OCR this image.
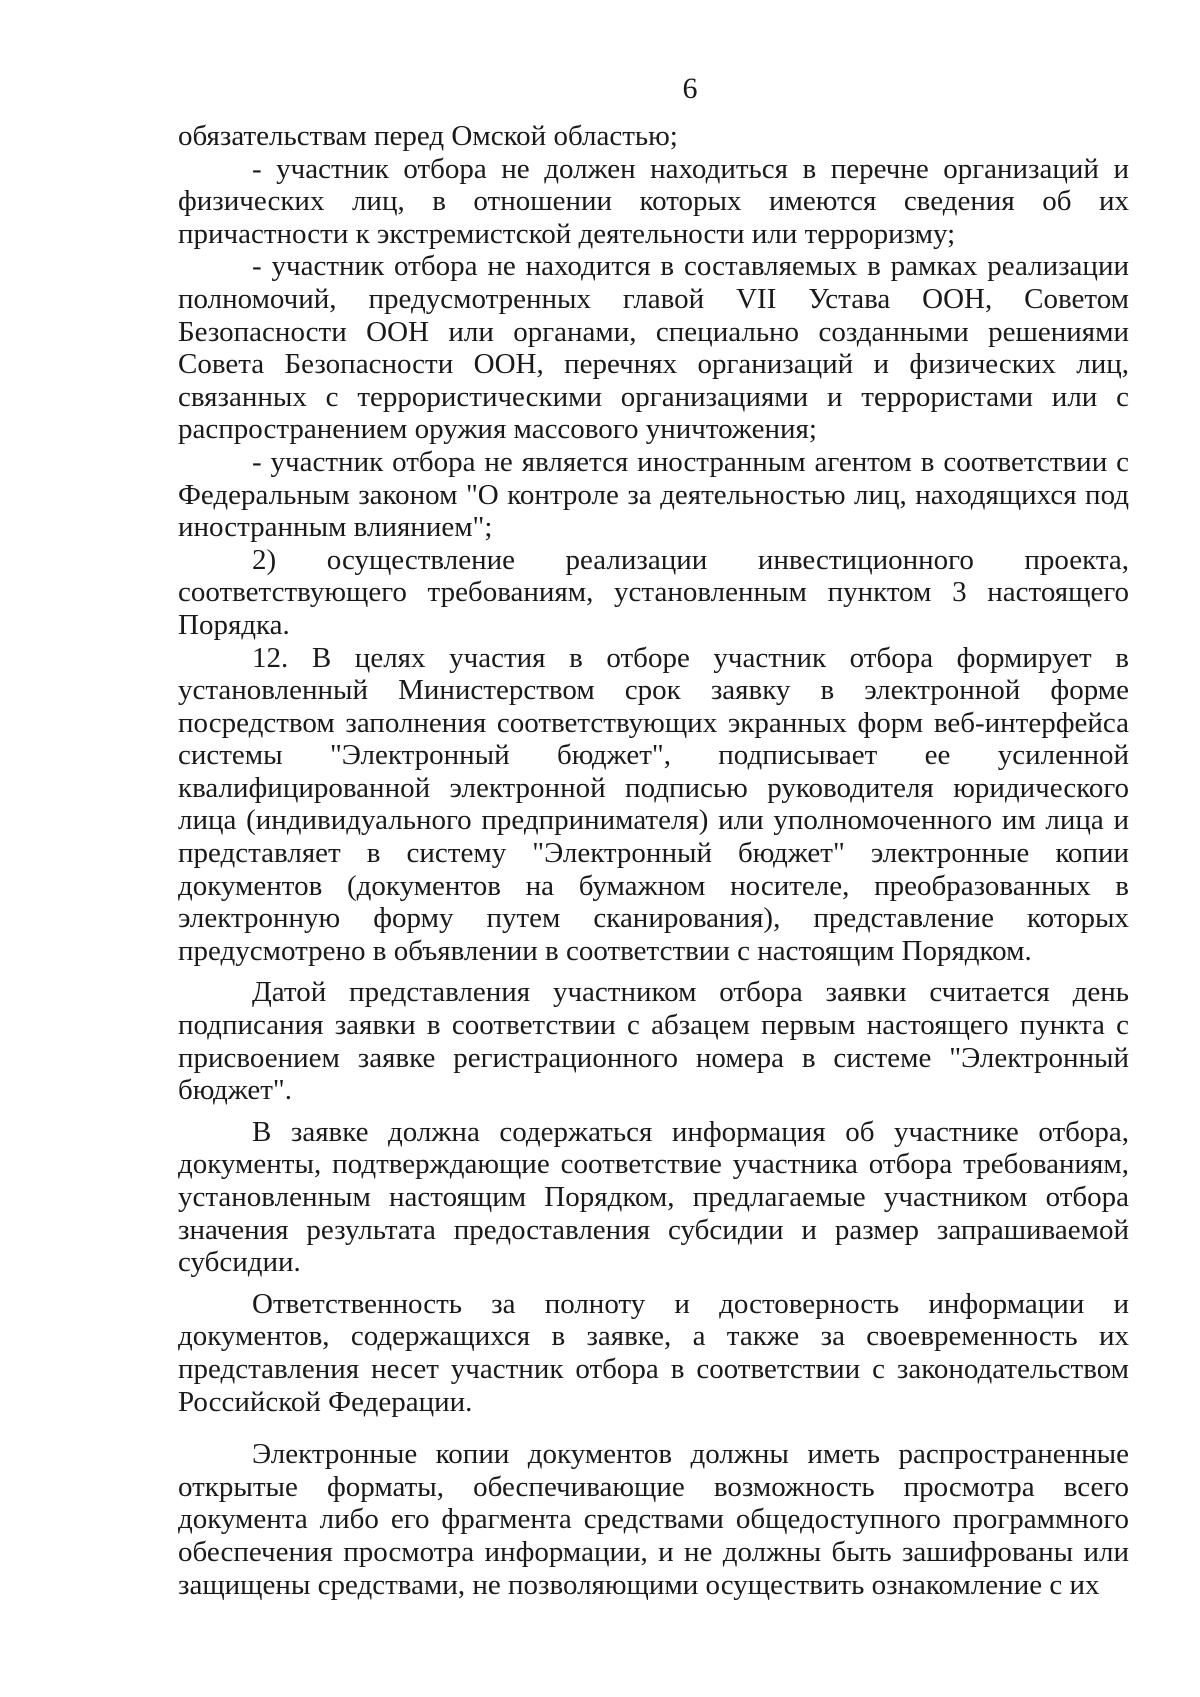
6

обязательствам перед Омской областью;

- участник отбора не должен находиться в перечне организаций и физических лиц, в отношении которых имеются сведения об их причастности к экстремистской деятельности или терроризму;

- участник отбора не находится в составляемых в рамках реализации полномочий, предусмотренных главой VII Устава ООН, Советом Безопасности ООН или органами, специально созданными решениями Совета Безопасности ООН, перечнях организаций и физических лиц, связанных с террористическими организациями и террористами или с распространением оружия массового уничтожения;

- участник отбора не является иностранным агентом в соответствии с Федеральным законом "О контроле за деятельностью лиц, находящихся под иностранным влиянием";

2) осуществление реализации инвестиционного проекта, соответствующего требованиям, установленным пунктом 3 настоящего Порядка.

12. В целях участия в отборе участник отбора формирует в установленный Министерством срок заявку в электронной форме посредством заполнения соответствующих экранных форм веб-интерфейса системы "Электронный бюджет", подписывает ее усиленной квалифицированной электронной подписью руководителя юридического лица (индивидуального предпринимателя) или уполномоченного им лица и представляет в систему "Электронный бюджет" электронные копии документов (документов на бумажном носителе, преобразованных в электронную форму путем сканирования), представление которых предусмотрено в объявлении в соответствии с настоящим Порядком.

Датой представления участником отбора заявки считается день подписания заявки в соответствии с абзацем первым настоящего пункта с присвоением заявке регистрационного номера в системе "Электронный бюджет".

В заявке должна содержаться информация об участнике отбора, документы, подтверждающие соответствие участника отбора требованиям, установленным настоящим Порядком, предлагаемые участником отбора значения результата предоставления субсидии и размер запрашиваемой субсидии.

Ответственность за полноту и достоверность информации и документов, содержащихся в заявке, а также за своевременность их представления несет участник отбора в соответствии с законодательством Российской Федерации.

Электронные копии документов должны иметь распространенные открытые форматы, обеспечивающие возможность просмотра всего документа либо его фрагмента средствами общедоступного программного обеспечения просмотра информации, и не должны быть зашифрованы или защищены средствами, не позволяющими осуществить ознакомление с их
